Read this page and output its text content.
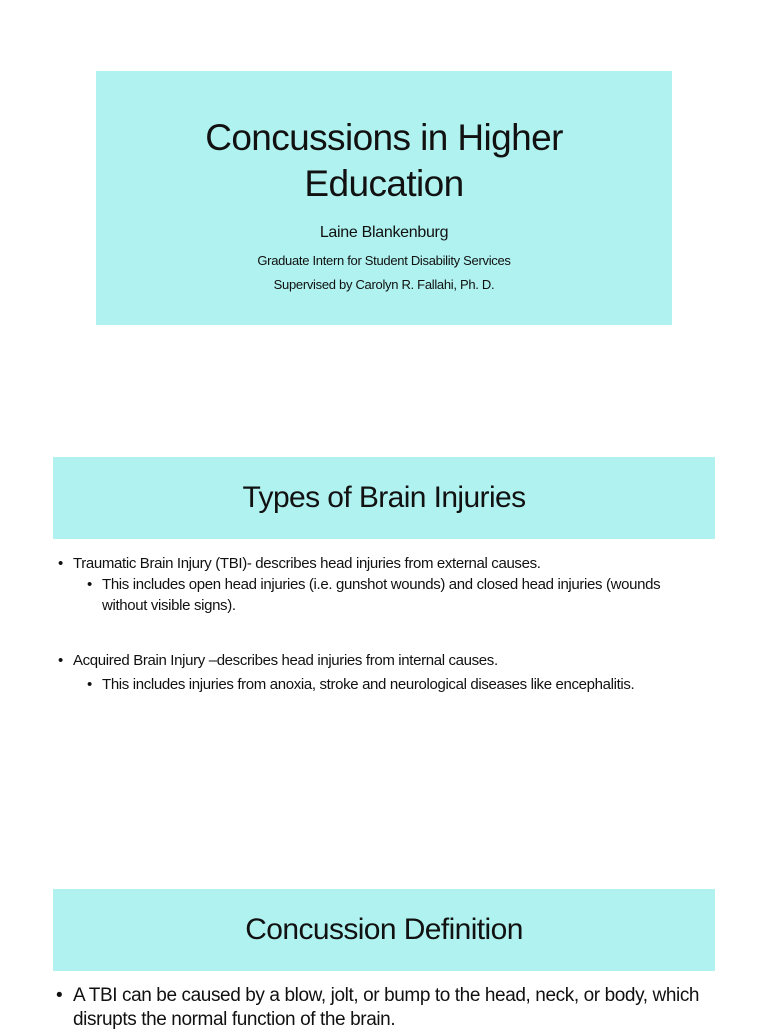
Concussions in Higher
Education
Laine Blankenburg
Graduate Intern for Student Disability Services
Supervised by Carolyn R. Fallahi, Ph. D.
Types of Brain Injuries
• Traumatic Brain Injury (TBI)- describes head injuries from external causes.
• This includes open head injuries (i.e. gunshot wounds) and closed head injuries (wounds without visible signs).
• Acquired Brain Injury –describes head injuries from internal causes.
• This includes injuries from anoxia, stroke and neurological diseases like encephalitis.
Concussion Definition
• A TBI can be caused by a blow, jolt, or bump to the head, neck, or body, which disrupts the normal function of the brain.
